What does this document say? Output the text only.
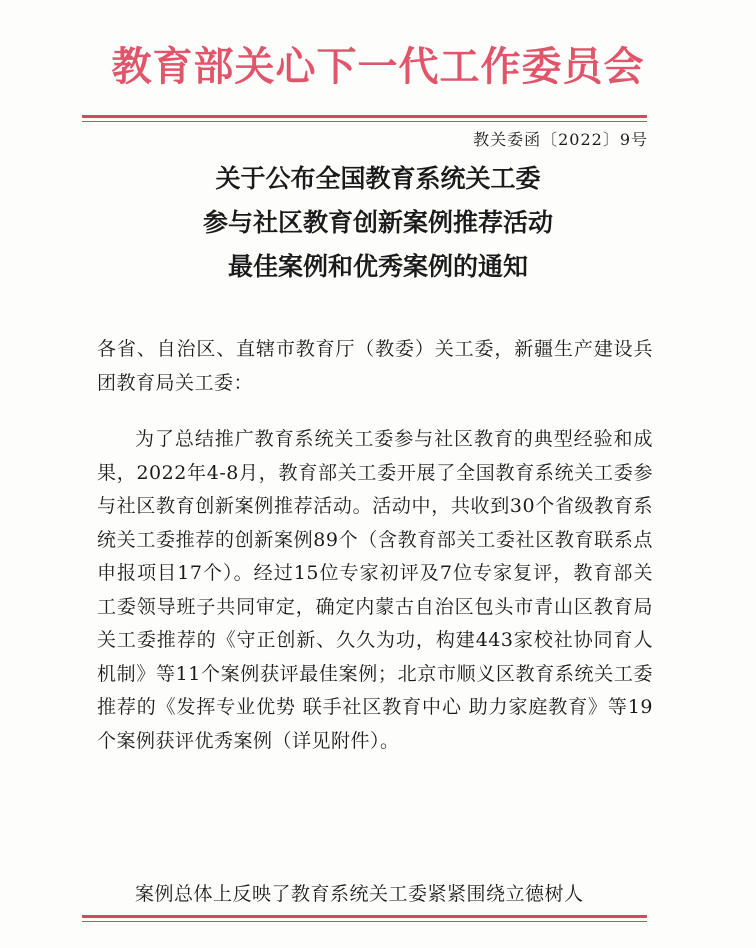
教育部关心下一代工作委员会
教关委函〔2022〕9号
关于公布全国教育系统关工委
参与社区教育创新案例推荐活动
最佳案例和优秀案例的通知
各省、自治区、直辖市教育厅（教委）关工委，新疆生产建设兵团教育局关工委：
为了总结推广教育系统关工委参与社区教育的典型经验和成果，2022年4-8月，教育部关工委开展了全国教育系统关工委参与社区教育创新案例推荐活动。活动中，共收到30个省级教育系统关工委推荐的创新案例89个（含教育部关工委社区教育联系点申报项目17个）。经过15位专家初评及7位专家复评，教育部关工委领导班子共同审定，确定内蒙古自治区包头市青山区教育局关工委推荐的《守正创新、久久为功，构建443家校社协同育人机制》等11个案例获评最佳案例；北京市顺义区教育系统关工委推荐的《发挥专业优势 联手社区教育中心 助力家庭教育》等19个案例获评优秀案例（详见附件）。
案例总体上反映了教育系统关工委紧紧围绕立德树人
